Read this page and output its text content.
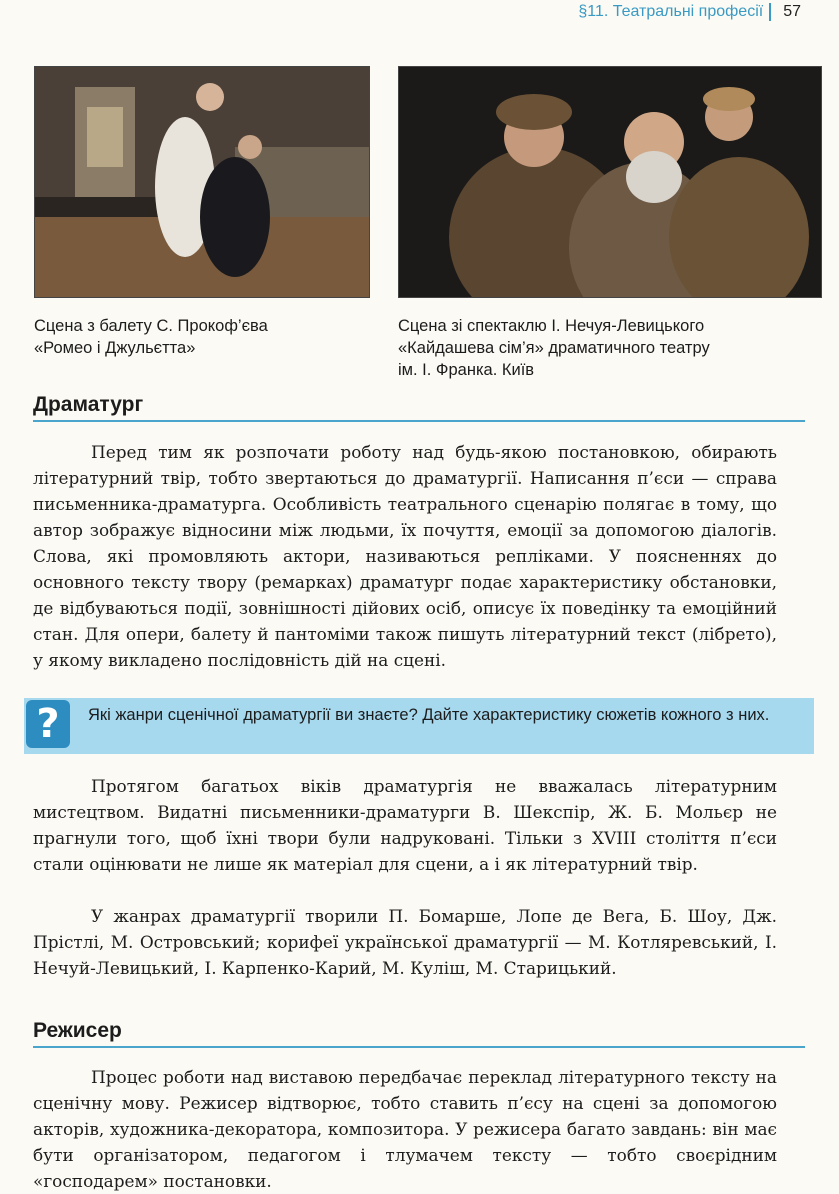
§11. Театральні професії	57
Сцена з балету С. Прокоф’єва
«Ромео і Джульєтта»
Сцена зі спектаклю І. Нечуя-Левицького
«Кайдашева сім’я» драматичного театру
ім. І. Франка. Київ
Драматург

Перед тим як розпочати роботу над будь-якою постановкою, обирають літературний твір, тобто звертаються до драматургії. Написання п’єси — справа письменника-драматурга. Особливість театрального сценарію полягає в тому, що автор зображує відносини між людьми, їх почуття, емоції за допомогою діалогів. Слова, які промовляють актори, називаються репліками. У поясненнях до основного тексту твору (ремарках) драматург подає характеристику обстановки, де відбуваються події, зовнішності дійових осіб, описує їх поведінку та емоційний стан. Для опери, балету й пантоміми також пишуть літературний текст (лібрето), у якому викладено послідовність дій на сцені.

?	Які жанри сценічної драматургії ви знаєте? Дайте характеристику сюжетів кожного з них.

Протягом багатьох віків драматургія не вважалась літературним мистецтвом. Видатні письменники-драматурги В. Шекспір, Ж. Б. Мольєр не прагнули того, щоб їхні твори були надруковані. Тільки з XVIII століття п’єси стали оцінювати не лише як матеріал для сцени, а і як літературний твір.

У жанрах драматургії творили П. Бомарше, Лопе де Вега, Б. Шоу, Дж. Прістлі, М. Островський; корифеї української драматургії — М. Котляревський, І. Нечуй-Левицький, І. Карпенко-Карий, М. Куліш, М. Старицький.

Режисер

Процес роботи над виставою передбачає переклад літературного тексту на сценічну мову. Режисер відтворює, тобто ставить п’єсу на сцені за допомогою акторів, художника-декоратора, композитора. У режисера багато завдань: він має бути організатором, педагогом і тлумачем тексту — тобто своєрідним «господарем» постановки.
